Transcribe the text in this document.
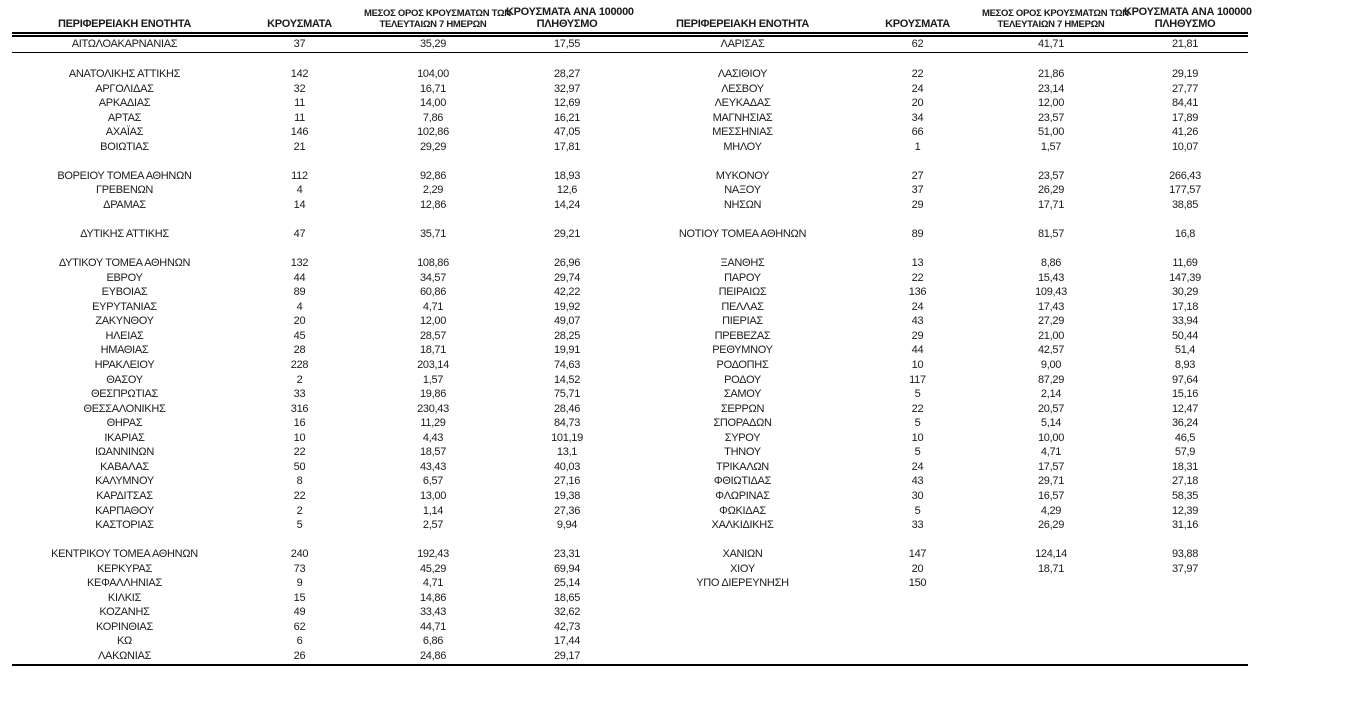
ΠΕΡΙΦΕΡΕΙΑΚΗ ΕΝΟΤΗΤΑ	ΚΡΟΥΣΜΑΤΑ	ΜΕΣΟΣ ΟΡΟΣ ΚΡΟΥΣΜΑΤΩΝ ΤΩΝ
ΤΕΛΕΥΤΑΙΩΝ 7 ΗΜΕΡΩΝ	ΚΡΟΥΣΜΑΤΑ ΑΝΑ 100000
ΠΛΗΘΥΣΜΟ	ΠΕΡΙΦΕΡΕΙΑΚΗ ΕΝΟΤΗΤΑ	ΚΡΟΥΣΜΑΤΑ	ΜΕΣΟΣ ΟΡΟΣ ΚΡΟΥΣΜΑΤΩΝ ΤΩΝ
ΤΕΛΕΥΤΑΙΩΝ 7 ΗΜΕΡΩΝ	ΚΡΟΥΣΜΑΤΑ ΑΝΑ 100000
ΠΛΗΘΥΣΜΟ

ΑΙΤΩΛΟΑΚΑΡΝΑΝΙΑΣ	37	35,29	17,55	ΛΑΡΙΣΑΣ	62	41,71	21,81

ΑΝΑΤΟΛΙΚΗΣ ΑΤΤΙΚΗΣ	142	104,00	28,27	ΛΑΣΙΘΙΟΥ	22	21,86	29,19
ΑΡΓΟΛΙΔΑΣ	32	16,71	32,97	ΛΕΣΒΟΥ	24	23,14	27,77
ΑΡΚΑΔΙΑΣ	11	14,00	12,69	ΛΕΥΚΑΔΑΣ	20	12,00	84,41
ΑΡΤΑΣ	11	7,86	16,21	ΜΑΓΝΗΣΙΑΣ	34	23,57	17,89
ΑΧΑΪΑΣ	146	102,86	47,05	ΜΕΣΣΗΝΙΑΣ	66	51,00	41,26
ΒΟΙΩΤΙΑΣ	21	29,29	17,81	ΜΗΛΟΥ	1	1,57	10,07

ΒΟΡΕΙΟΥ ΤΟΜΕΑ ΑΘΗΝΩΝ	112	92,86	18,93	ΜΥΚΟΝΟΥ	27	23,57	266,43
ΓΡΕΒΕΝΩΝ	4	2,29	12,6	ΝΑΞΟΥ	37	26,29	177,57
ΔΡΑΜΑΣ	14	12,86	14,24	ΝΗΣΩΝ	29	17,71	38,85

ΔΥΤΙΚΗΣ ΑΤΤΙΚΗΣ	47	35,71	29,21	ΝΟΤΙΟΥ ΤΟΜΕΑ ΑΘΗΝΩΝ	89	81,57	16,8

ΔΥΤΙΚΟΥ ΤΟΜΕΑ ΑΘΗΝΩΝ	132	108,86	26,96	ΞΑΝΘΗΣ	13	8,86	11,69
ΕΒΡΟΥ	44	34,57	29,74	ΠΑΡΟΥ	22	15,43	147,39
ΕΥΒΟΙΑΣ	89	60,86	42,22	ΠΕΙΡΑΙΩΣ	136	109,43	30,29
ΕΥΡΥΤΑΝΙΑΣ	4	4,71	19,92	ΠΕΛΛΑΣ	24	17,43	17,18
ΖΑΚΥΝΘΟΥ	20	12,00	49,07	ΠΙΕΡΙΑΣ	43	27,29	33,94
ΗΛΕΙΑΣ	45	28,57	28,25	ΠΡΕΒΕΖΑΣ	29	21,00	50,44
ΗΜΑΘΙΑΣ	28	18,71	19,91	ΡΕΘΥΜΝΟΥ	44	42,57	51,4
ΗΡΑΚΛΕΙΟΥ	228	203,14	74,63	ΡΟΔΟΠΗΣ	10	9,00	8,93
ΘΑΣΟΥ	2	1,57	14,52	ΡΟΔΟΥ	117	87,29	97,64
ΘΕΣΠΡΩΤΙΑΣ	33	19,86	75,71	ΣΑΜΟΥ	5	2,14	15,16
ΘΕΣΣΑΛΟΝΙΚΗΣ	316	230,43	28,46	ΣΕΡΡΩΝ	22	20,57	12,47
ΘΗΡΑΣ	16	11,29	84,73	ΣΠΟΡΑΔΩΝ	5	5,14	36,24
ΙΚΑΡΙΑΣ	10	4,43	101,19	ΣΥΡΟΥ	10	10,00	46,5
ΙΩΑΝΝΙΝΩΝ	22	18,57	13,1	ΤΗΝΟΥ	5	4,71	57,9
ΚΑΒΑΛΑΣ	50	43,43	40,03	ΤΡΙΚΑΛΩΝ	24	17,57	18,31
ΚΑΛΥΜΝΟΥ	8	6,57	27,16	ΦΘΙΩΤΙΔΑΣ	43	29,71	27,18
ΚΑΡΔΙΤΣΑΣ	22	13,00	19,38	ΦΛΩΡΙΝΑΣ	30	16,57	58,35
ΚΑΡΠΑΘΟΥ	2	1,14	27,36	ΦΩΚΙΔΑΣ	5	4,29	12,39
ΚΑΣΤΟΡΙΑΣ	5	2,57	9,94	ΧΑΛΚΙΔΙΚΗΣ	33	26,29	31,16

ΚΕΝΤΡΙΚΟΥ ΤΟΜΕΑ ΑΘΗΝΩΝ	240	192,43	23,31	ΧΑΝΙΩΝ	147	124,14	93,88
ΚΕΡΚΥΡΑΣ	73	45,29	69,94	ΧΙΟΥ	20	18,71	37,97
ΚΕΦΑΛΛΗΝΙΑΣ	9	4,71	25,14	ΥΠΟ ΔΙΕΡΕΥΝΗΣΗ	150		
ΚΙΛΚΙΣ	15	14,86	18,65				
ΚΟΖΑΝΗΣ	49	33,43	32,62				
ΚΟΡΙΝΘΙΑΣ	62	44,71	42,73				
ΚΩ	6	6,86	17,44				
ΛΑΚΩΝΙΑΣ	26	24,86	29,17				
